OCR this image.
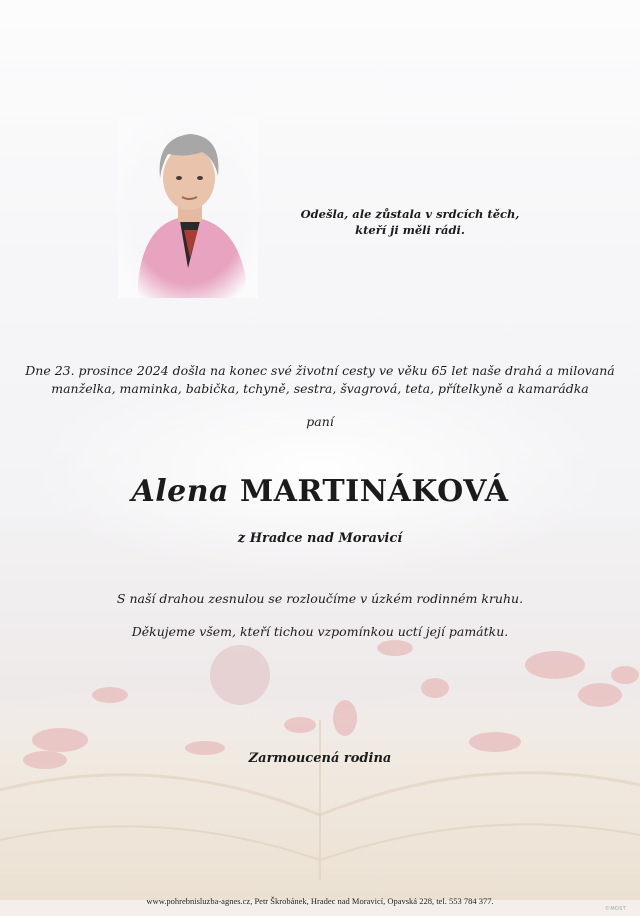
Odešla, ale zůstala v srdcích těch,
kteří ji měli rádi.
Dne 23. prosince 2024 došla na konec své životní cesty ve věku 65 let naše drahá a milovaná
manželka, maminka, babička, tchyně, sestra, švagrová, teta, přítelkyně a kamarádka
paní
Alena MARTINÁKOVÁ
z Hradce nad Moravicí
S naší drahou zesnulou se rozloučíme v úzkém rodinném kruhu.
Děkujeme všem, kteří tichou vzpomínkou uctí její památku.
Zarmoucená rodina
www.pohrebnisluzba-agnes.cz, Petr Škrobánek, Hradec nad Moravicí, Opavská 228, tel. 553 784 377.
©MOST
